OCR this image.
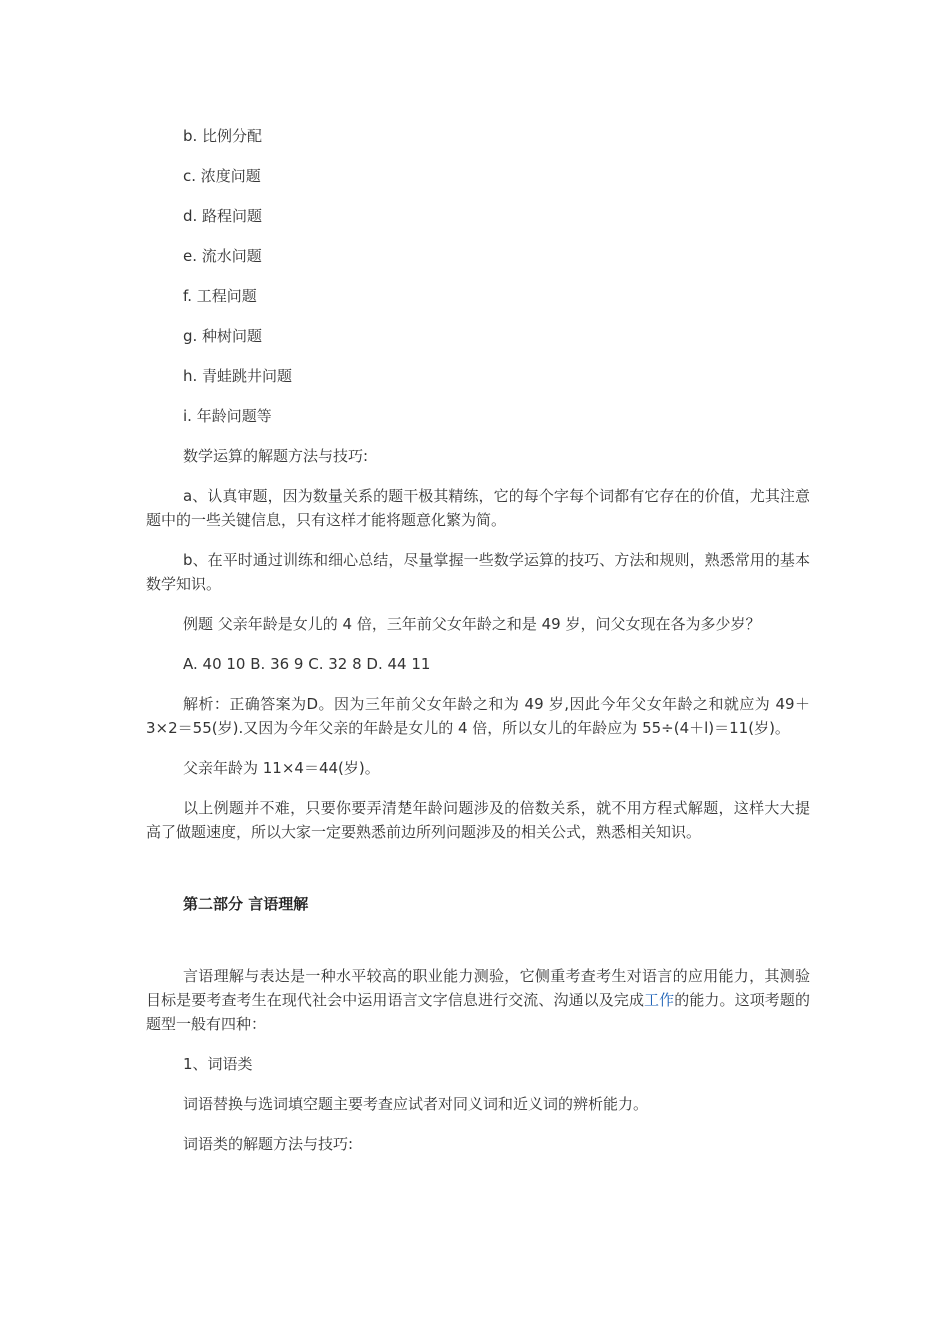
b. 比例分配
c. 浓度问题
d. 路程问题
e. 流水问题
f. 工程问题
g. 种树问题
h. 青蛙跳井问题
i. 年龄问题等

数学运算的解题方法与技巧:

a、认真审题，因为数量关系的题干极其精练，它的每个字每个词都有它存在的价值，尤其注意题中的一些关键信息，只有这样才能将题意化繁为简。

b、在平时通过训练和细心总结，尽量掌握一些数学运算的技巧、方法和规则，熟悉常用的基本数学知识。

例题 父亲年龄是女儿的 4 倍，三年前父女年龄之和是 49 岁，问父女现在各为多少岁？

A. 40 10 B. 36 9 C. 32 8 D. 44 11

解析：正确答案为D。因为三年前父女年龄之和为 49 岁,因此今年父女年龄之和就应为 49＋3×2＝55(岁).又因为今年父亲的年龄是女儿的 4 倍，所以女儿的年龄应为 55÷(4＋l)＝11(岁)。

父亲年龄为 11×4＝44(岁)。

以上例题并不难，只要你要弄清楚年龄问题涉及的倍数关系，就不用方程式解题，这样大大提高了做题速度，所以大家一定要熟悉前边所列问题涉及的相关公式，熟悉相关知识。

第二部分 言语理解

言语理解与表达是一种水平较高的职业能力测验，它侧重考查考生对语言的应用能力，其测验目标是要考查考生在现代社会中运用语言文字信息进行交流、沟通以及完成工作的能力。这项考题的题型一般有四种：

1、词语类

词语替换与选词填空题主要考查应试者对同义词和近义词的辨析能力。

词语类的解题方法与技巧:
